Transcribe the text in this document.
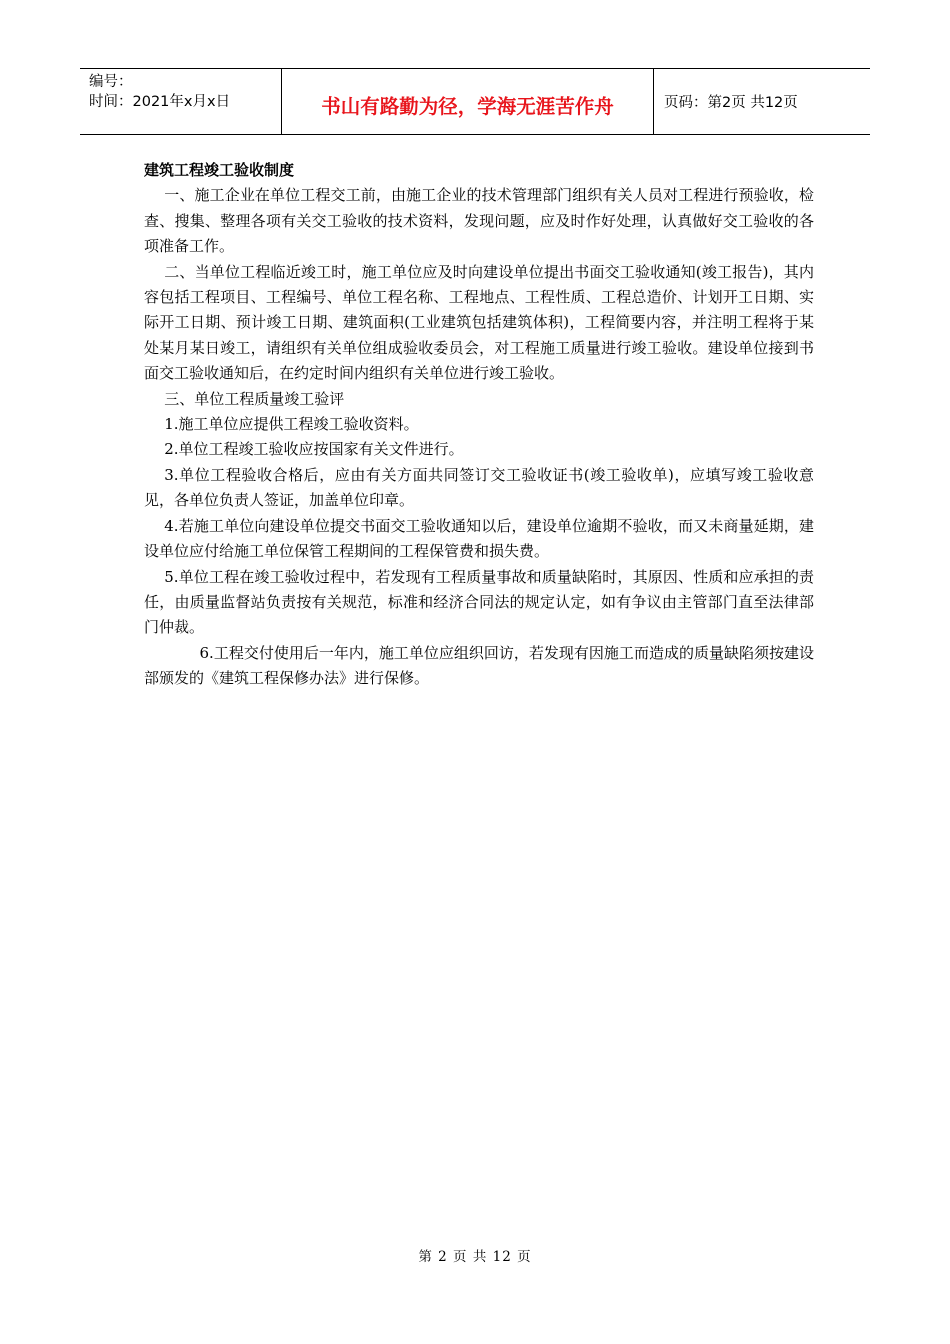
编号：
时间：2021年x月x日	书山有路勤为径，学海无涯苦作舟	页码：第2页 共12页

建筑工程竣工验收制度

一、施工企业在单位工程交工前，由施工企业的技术管理部门组织有关人员对工程进行预验收，检查、搜集、整理各项有关交工验收的技术资料，发现问题，应及时作好处理，认真做好交工验收的各项准备工作。

二、当单位工程临近竣工时，施工单位应及时向建设单位提出书面交工验收通知(竣工报告)，其内容包括工程项目、工程编号、单位工程名称、工程地点、工程性质、工程总造价、计划开工日期、实际开工日期、预计竣工日期、建筑面积(工业建筑包括建筑体积)，工程简要内容，并注明工程将于某处某月某日竣工，请组织有关单位组成验收委员会，对工程施工质量进行竣工验收。建设单位接到书面交工验收通知后，在约定时间内组织有关单位进行竣工验收。

三、单位工程质量竣工验评

1.施工单位应提供工程竣工验收资料。

2.单位工程竣工验收应按国家有关文件进行。

3.单位工程验收合格后，应由有关方面共同签订交工验收证书(竣工验收单)，应填写竣工验收意见，各单位负责人签证，加盖单位印章。

4.若施工单位向建设单位提交书面交工验收通知以后，建设单位逾期不验收，而又未商量延期，建设单位应付给施工单位保管工程期间的工程保管费和损失费。

5.单位工程在竣工验收过程中，若发现有工程质量事故和质量缺陷时，其原因、性质和应承担的责任，由质量监督站负责按有关规范，标准和经济合同法的规定认定，如有争议由主管部门直至法律部门仲裁。

6.工程交付使用后一年内，施工单位应组织回访，若发现有因施工而造成的质量缺陷须按建设部颁发的《建筑工程保修办法》进行保修。

第 2 页 共 12 页
